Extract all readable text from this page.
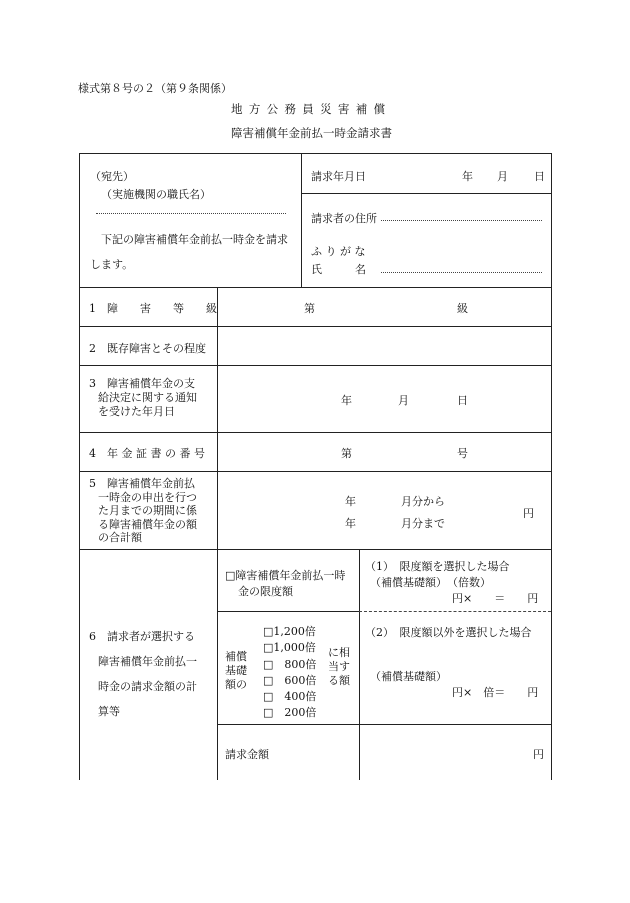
様式第８号の２（第９条関係）
地方公務員災害補償
障害補償年金前払一時金請求書
（宛先）
（実施機関の職氏名）
下記の障害補償年金前払一時金を請求
します。
請求年月日	年 月 日
請求者の住所
ふ り が な
氏　　　名
1　障　　害　　等　　級	第	級
2　既存障害とその程度
3　障害補償年金の支
給決定に関する通知
を受けた年月日
年	月	日
4　年 金 証 書 の 番 号	第	号
5　障害補償年金前払
一時金の申出を行つ
た月までの期間に係
る障害補償年金の額
の合計額
年	月分から
年	月分まで
円
6　請求者が選択する
障害補償年金前払一
時金の請求金額の計
算等
□障害補償年金前払一時
金の限度額
補償
基礎
額の
□1,200倍
□1,000倍
□　800倍
□　600倍
□　400倍
□　200倍
に相
当す
る額
（1）　限度額を選択した場合
（補償基礎額）　（倍数）
円×　　＝　　円
（2）　限度額以外を選択した場合
（補償基礎額）
円×　倍＝　　円
請求金額	円
